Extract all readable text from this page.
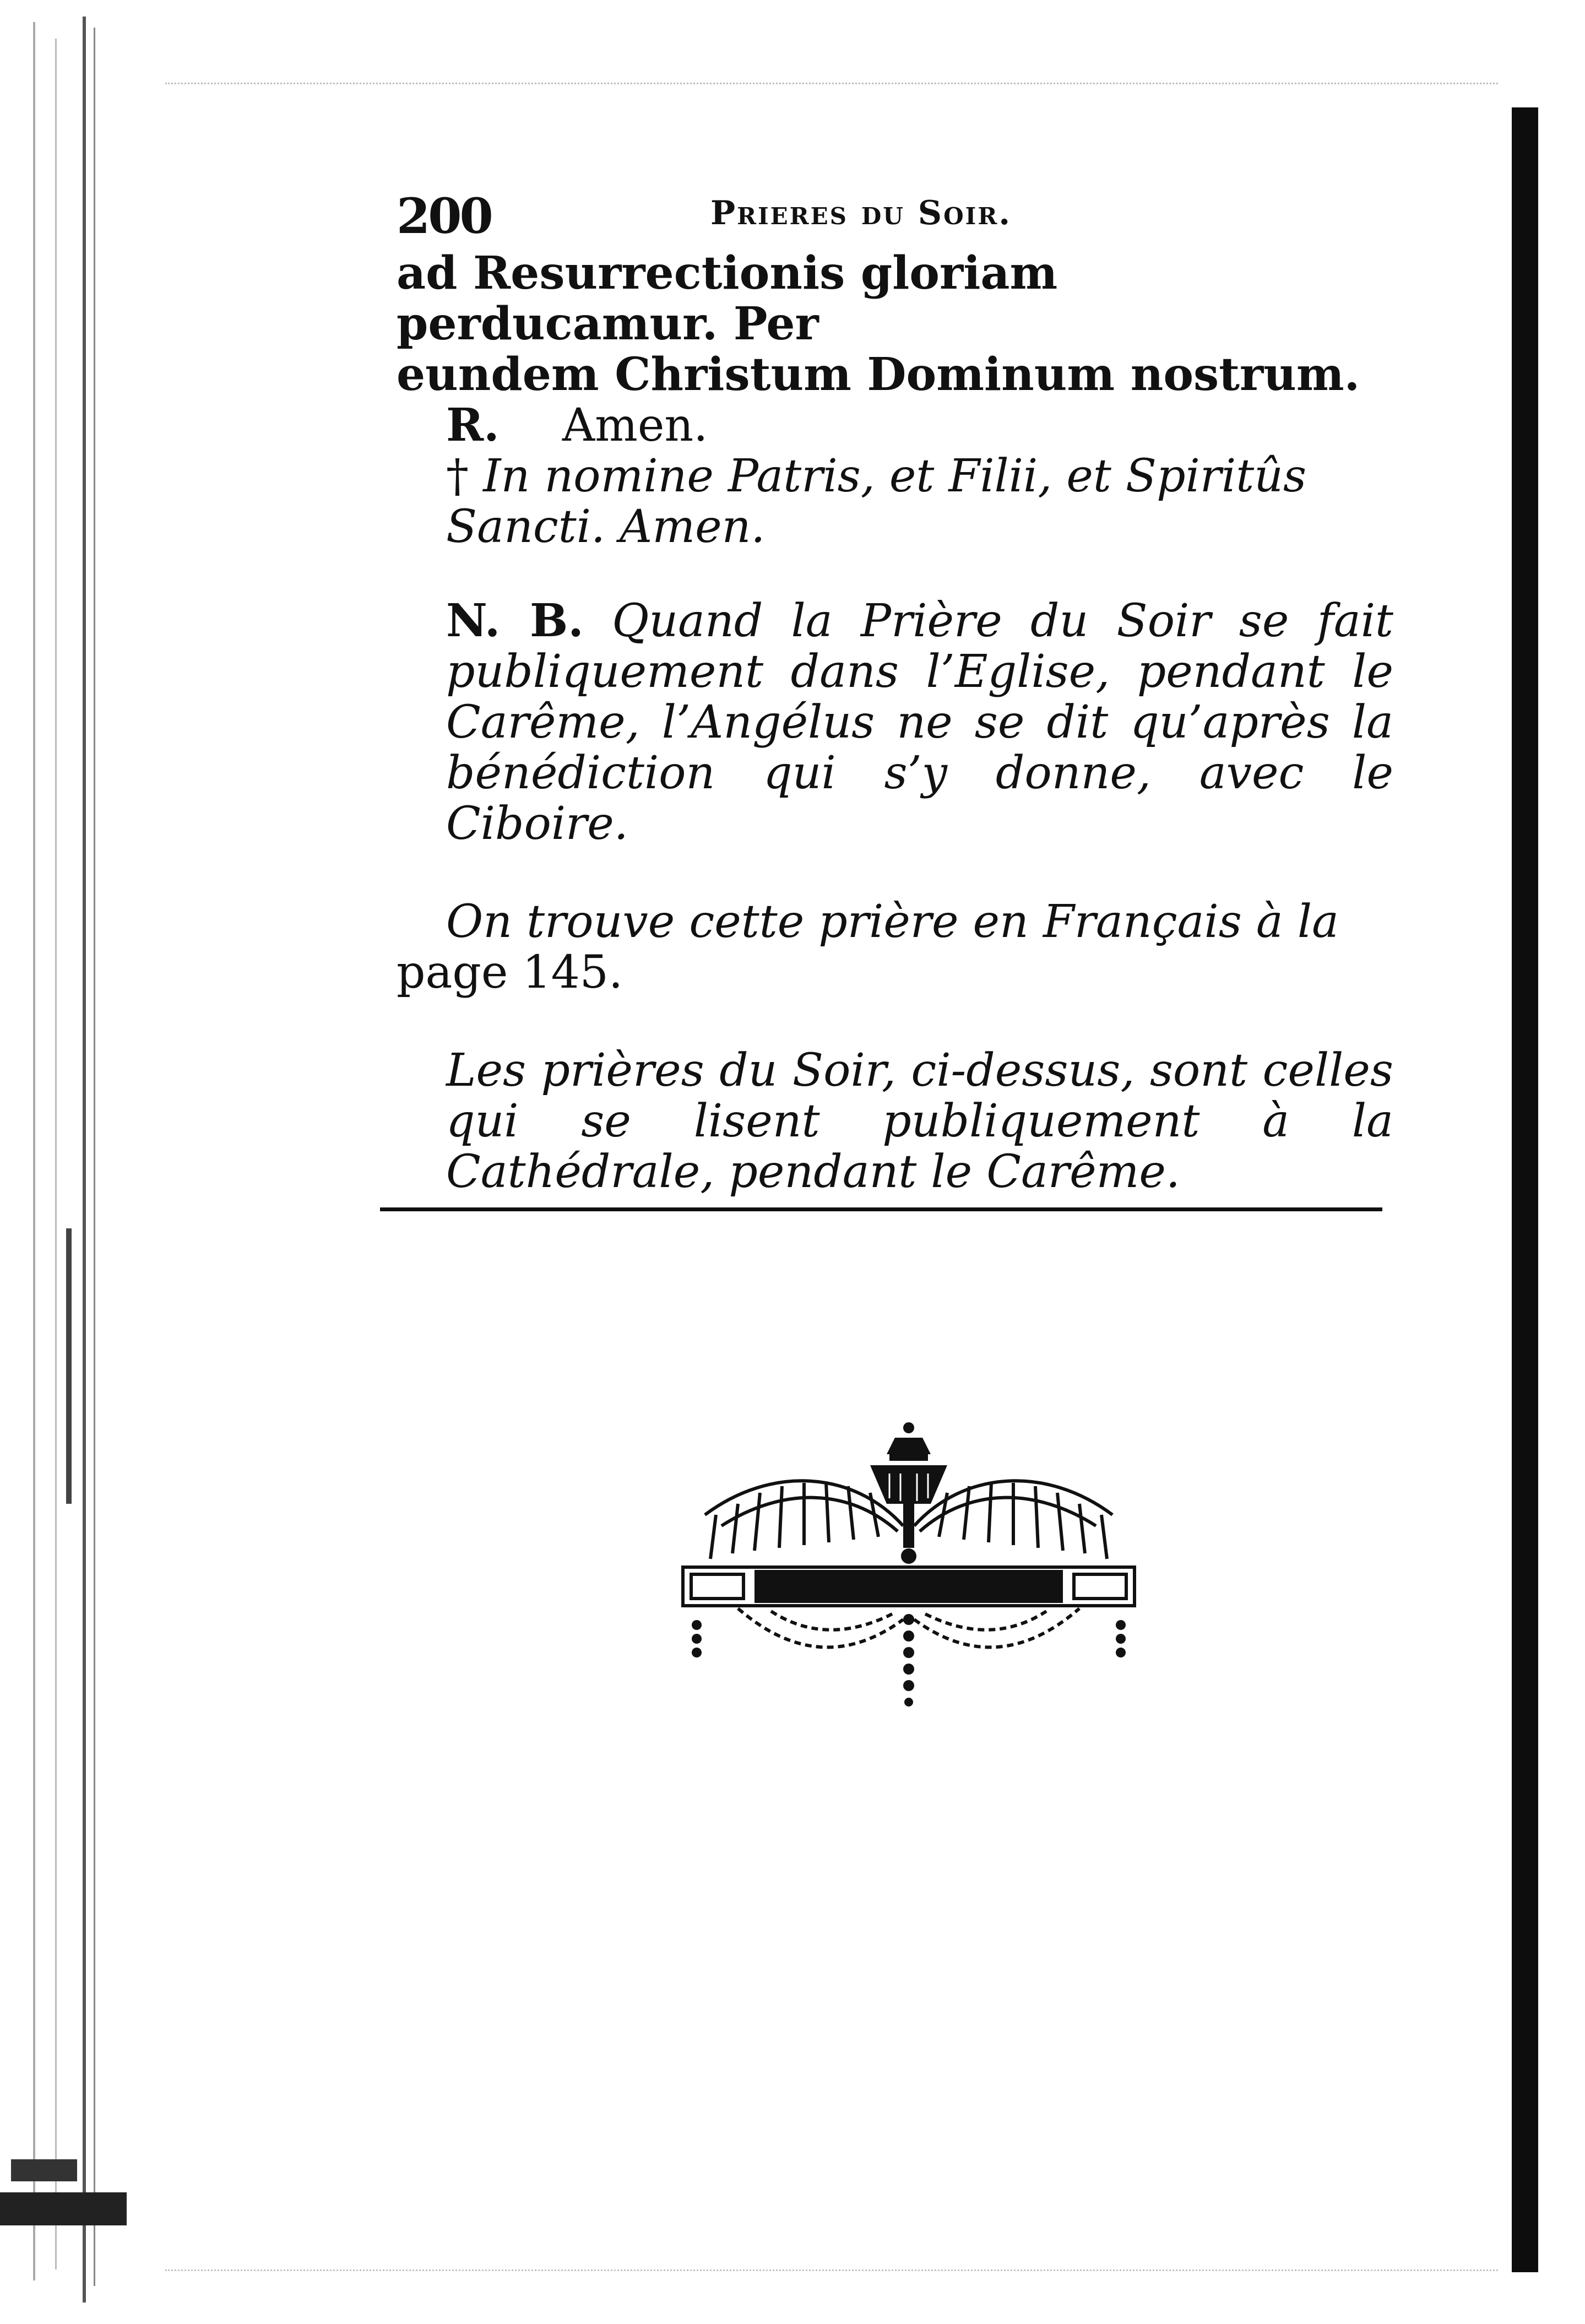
200	Prieres du Soir.

ad Resurrectionis gloriam perducamur. Per

eundem Christum Dominum nostrum.

R. Amen.

† In nomine Patris, et Filii, et Spiritûs Sancti. Amen.

N. B. Quand la Prière du Soir se fait publiquement dans l’Eglise, pendant le Carême, l’Angélus ne se dit qu’après la bénédiction qui s’y donne, avec le Ciboire.

On trouve cette prière en Français à la

page 145.

Les prières du Soir, ci-dessus, sont celles qui se lisent publiquement à la Cathédrale, pendant le Carême.
